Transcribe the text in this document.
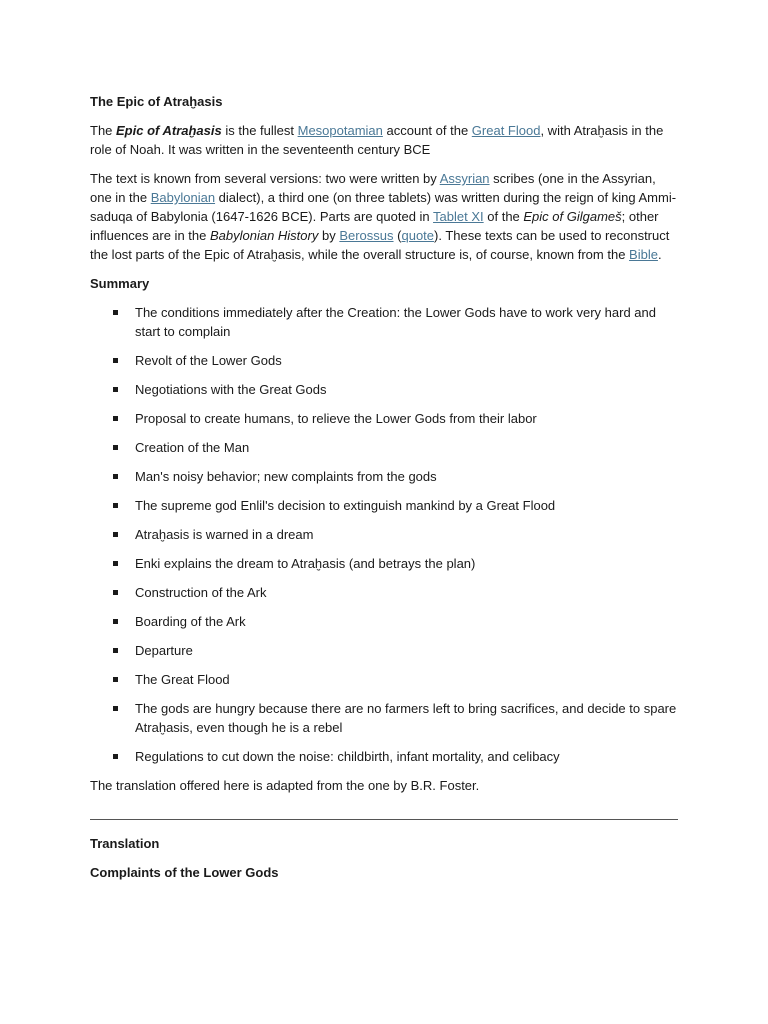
The Epic of Atraḫasis

The Epic of Atraḫasis is the fullest Mesopotamian account of the Great Flood, with Atraḫasis in the role of Noah. It was written in the seventeenth century BCE

The text is known from several versions: two were written by Assyrian scribes (one in the Assyrian, one in the Babylonian dialect), a third one (on three tablets) was written during the reign of king Ammi-saduqa of Babylonia (1647-1626 BCE). Parts are quoted in Tablet XI of the Epic of Gilgameš; other influences are in the Babylonian History by Berossus (quote). These texts can be used to reconstruct the lost parts of the Epic of Atraḫasis, while the overall structure is, of course, known from the Bible.

Summary
The conditions immediately after the Creation: the Lower Gods have to work very hard and start to complain
Revolt of the Lower Gods
Negotiations with the Great Gods
Proposal to create humans, to relieve the Lower Gods from their labor
Creation of the Man
Man's noisy behavior; new complaints from the gods
The supreme god Enlil's decision to extinguish mankind by a Great Flood
Atraḫasis is warned in a dream
Enki explains the dream to Atraḫasis (and betrays the plan)
Construction of the Ark
Boarding of the Ark
Departure
The Great Flood
The gods are hungry because there are no farmers left to bring sacrifices, and decide to spare Atraḫasis, even though he is a rebel
Regulations to cut down the noise: childbirth, infant mortality, and celibacy

The translation offered here is adapted from the one by B.R. Foster.

Translation
Complaints of the Lower Gods
